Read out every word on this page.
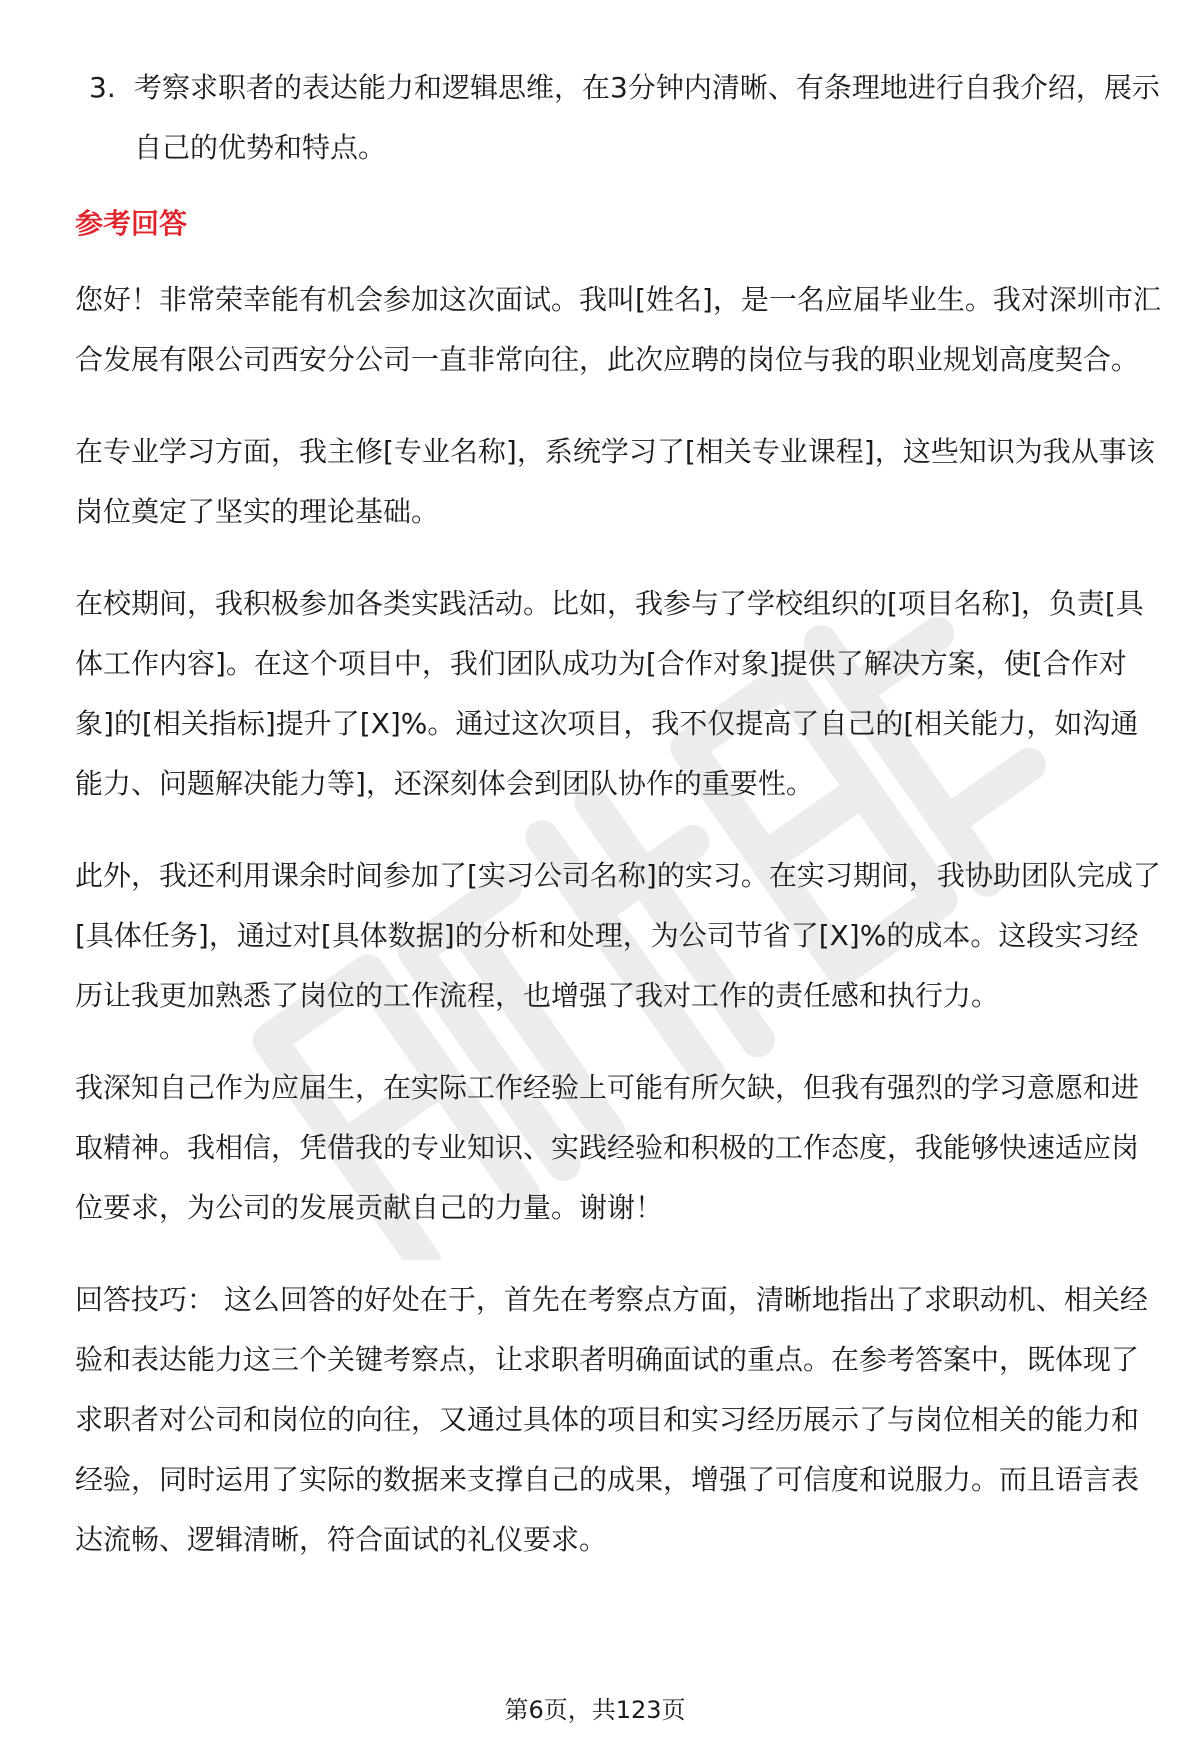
3. 考察求职者的表达能力和逻辑思维，在3分钟内清晰、有条理地进行自我介绍，展示自己的优势和特点。
参考回答

您好！非常荣幸能有机会参加这次面试。我叫[姓名]，是一名应届毕业生。我对深圳市汇合发展有限公司西安分公司一直非常向往，此次应聘的岗位与我的职业规划高度契合。

在专业学习方面，我主修[专业名称]，系统学习了[相关专业课程]，这些知识为我从事该岗位奠定了坚实的理论基础。

在校期间，我积极参加各类实践活动。比如，我参与了学校组织的[项目名称]，负责[具体工作内容]。在这个项目中，我们团队成功为[合作对象]提供了解决方案，使[合作对象]的[相关指标]提升了[X]%。通过这次项目，我不仅提高了自己的[相关能力，如沟通能力、问题解决能力等]，还深刻体会到团队协作的重要性。

此外，我还利用课余时间参加了[实习公司名称]的实习。在实习期间，我协助团队完成了[具体任务]，通过对[具体数据]的分析和处理，为公司节省了[X]%的成本。这段实习经历让我更加熟悉了岗位的工作流程，也增强了我对工作的责任感和执行力。

我深知自己作为应届生，在实际工作经验上可能有所欠缺，但我有强烈的学习意愿和进取精神。我相信，凭借我的专业知识、实践经验和积极的工作态度，我能够快速适应岗位要求，为公司的发展贡献自己的力量。谢谢！

回答技巧： 这么回答的好处在于，首先在考察点方面，清晰地指出了求职动机、相关经验和表达能力这三个关键考察点，让求职者明确面试的重点。在参考答案中，既体现了求职者对公司和岗位的向往，又通过具体的项目和实习经历展示了与岗位相关的能力和经验，同时运用了实际的数据来支撑自己的成果，增强了可信度和说服力。而且语言表达流畅、逻辑清晰，符合面试的礼仪要求。

第6页，共123页
